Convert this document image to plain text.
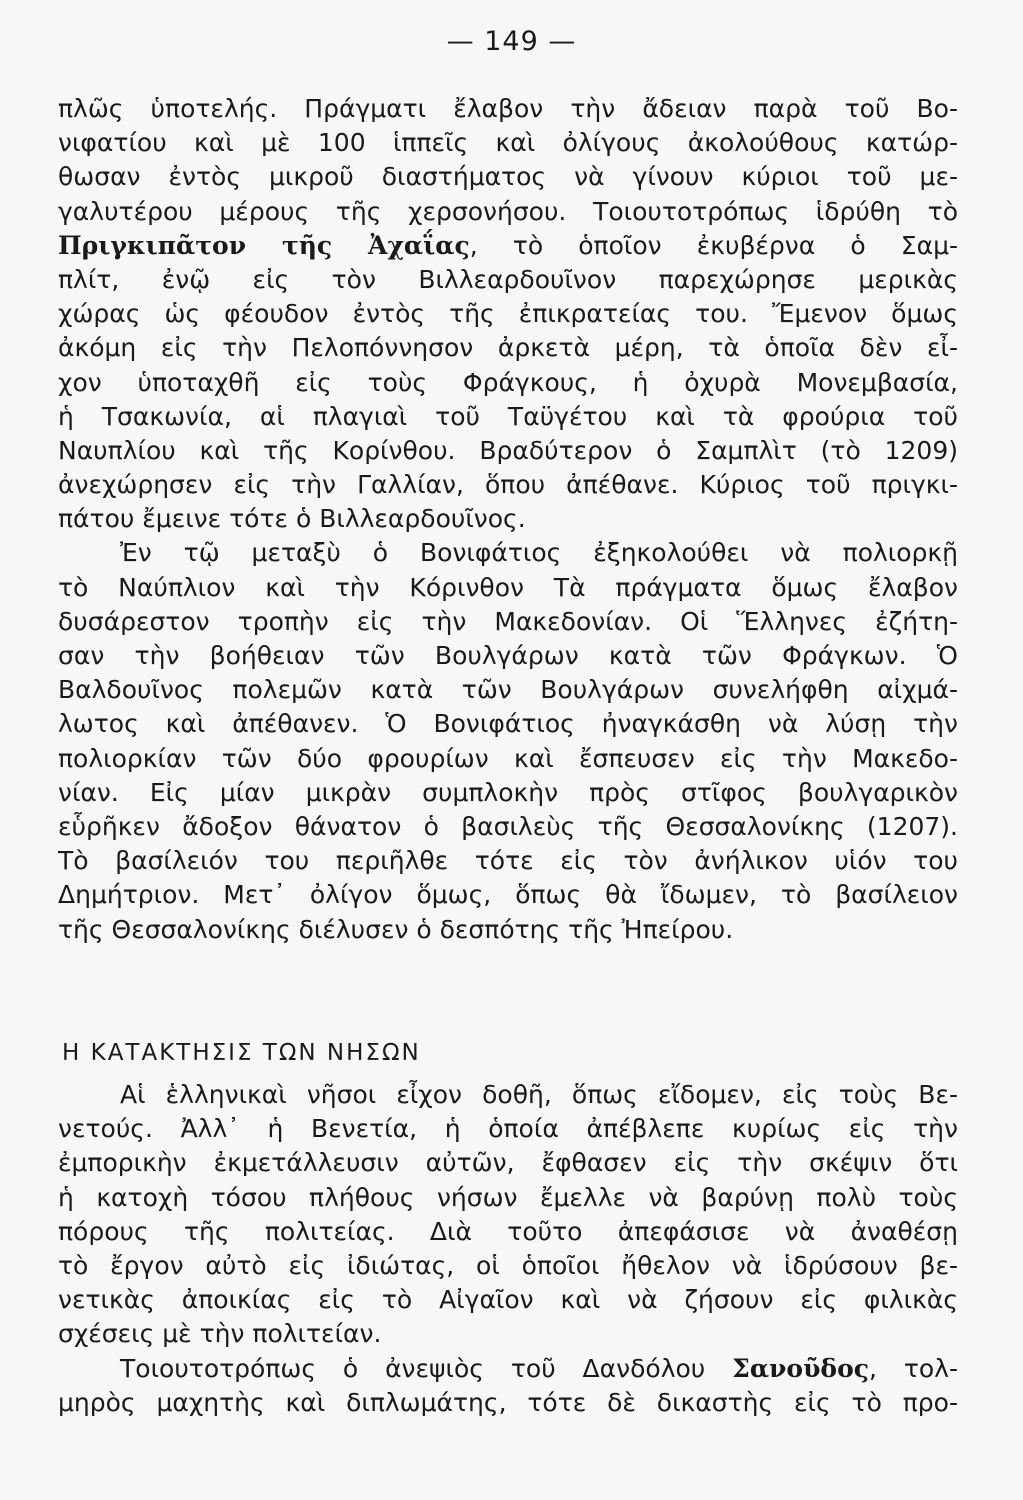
— 149 —
πλῶς ὑποτελής. Πράγματι ἔλαβον τὴν ἄδειαν παρὰ τοῦ Βο-
νιφατίου καὶ μὲ 100 ἱππεῖς καὶ ὀλίγους ἀκολούθους κατώρ-
θωσαν ἐντὸς μικροῦ διαστήματος νὰ γίνουν κύριοι τοῦ με-
γαλυτέρου μέρους τῆς χερσονήσου. Τοιουτοτρόπως ἱδρύθη τὸ
Πριγκιπᾶτον τῆς Ἀχαΐας, τὸ ὁποῖον ἐκυβέρνα ὁ Σαμ-
πλίτ, ἐνῷ εἰς τὸν Βιλλεαρδουῖνον παρεχώρησε μερικὰς
χώρας ὡς φέουδον ἐντὸς τῆς ἐπικρατείας του. Ἔμενον ὅμως
ἀκόμη εἰς τὴν Πελοπόννησον ἀρκετὰ μέρη, τὰ ὁποῖα δὲν εἶ-
χον ὑποταχθῆ εἰς τοὺς Φράγκους, ἡ ὀχυρὰ Μονεμβασία,
ἡ Τσακωνία, αἱ πλαγιαὶ τοῦ Ταϋγέτου καὶ τὰ φρούρια τοῦ
Ναυπλίου καὶ τῆς Κορίνθου. Βραδύτερον ὁ Σαμπλὶτ (τὸ 1209)
ἀνεχώρησεν εἰς τὴν Γαλλίαν, ὅπου ἀπέθανε. Κύριος τοῦ πριγκι-
πάτου ἔμεινε τότε ὁ Βιλλεαρδουῖνος.
Ἐν τῷ μεταξὺ ὁ Βονιφάτιος ἐξηκολούθει νὰ πολιορκῇ
τὸ Ναύπλιον καὶ τὴν Κόρινθον Τὰ πράγματα ὅμως ἔλαβον
δυσάρεστον τροπὴν εἰς τὴν Μακεδονίαν. Οἱ Ἕλληνες ἐζήτη-
σαν τὴν βοήθειαν τῶν Βουλγάρων κατὰ τῶν Φράγκων. Ὁ
Βαλδουῖνος πολεμῶν κατὰ τῶν Βουλγάρων συνελήφθη αἰχμά-
λωτος καὶ ἀπέθανεν. Ὁ Βονιφάτιος ἠναγκάσθη νὰ λύσῃ τὴν
πολιορκίαν τῶν δύο φρουρίων καὶ ἔσπευσεν εἰς τὴν Μακεδο-
νίαν. Εἰς μίαν μικρὰν συμπλοκὴν πρὸς στῖφος βουλγαρικὸν
εὗρῆκεν ἄδοξον θάνατον ὁ βασιλεὺς τῆς Θεσσαλονίκης (1207).
Τὸ βασίλειόν του περιῆλθε τότε εἰς τὸν ἀνήλικον υἱόν του
Δημήτριον. Μετ᾿ ὀλίγον ὅμως, ὅπως θὰ ἴδωμεν, τὸ βασίλειον
τῆς Θεσσαλονίκης διέλυσεν ὁ δεσπότης τῆς Ἠπείρου.
Η ΚΑΤΑΚΤΗΣΙΣ ΤΩΝ ΝΗΣΩΝ
Αἱ ἑλληνικαὶ νῆσοι εἶχον δοθῆ, ὅπως εἴδομεν, εἰς τοὺς Βε-
νετούς. Ἀλλ᾿ ἡ Βενετία, ἡ ὁποία ἀπέβλεπε κυρίως εἰς τὴν
ἐμπορικὴν ἐκμετάλλευσιν αὐτῶν, ἔφθασεν εἰς τὴν σκέψιν ὅτι
ἡ κατοχὴ τόσου πλήθους νήσων ἔμελλε νὰ βαρύνῃ πολὺ τοὺς
πόρους τῆς πολιτείας. Διὰ τοῦτο ἀπεφάσισε νὰ ἀναθέσῃ
τὸ ἔργον αὐτὸ εἰς ἰδιώτας, οἱ ὁποῖοι ἤθελον νὰ ἱδρύσουν βε-
νετικὰς ἀποικίας εἰς τὸ Αἰγαῖον καὶ νὰ ζήσουν εἰς φιλικὰς
σχέσεις μὲ τὴν πολιτείαν.
Τοιουτοτρόπως ὁ ἀνεψιὸς τοῦ Δανδόλου Σανοῦδος, τολ-
μηρὸς μαχητὴς καὶ διπλωμάτης, τότε δὲ δικαστὴς εἰς τὸ προ-
